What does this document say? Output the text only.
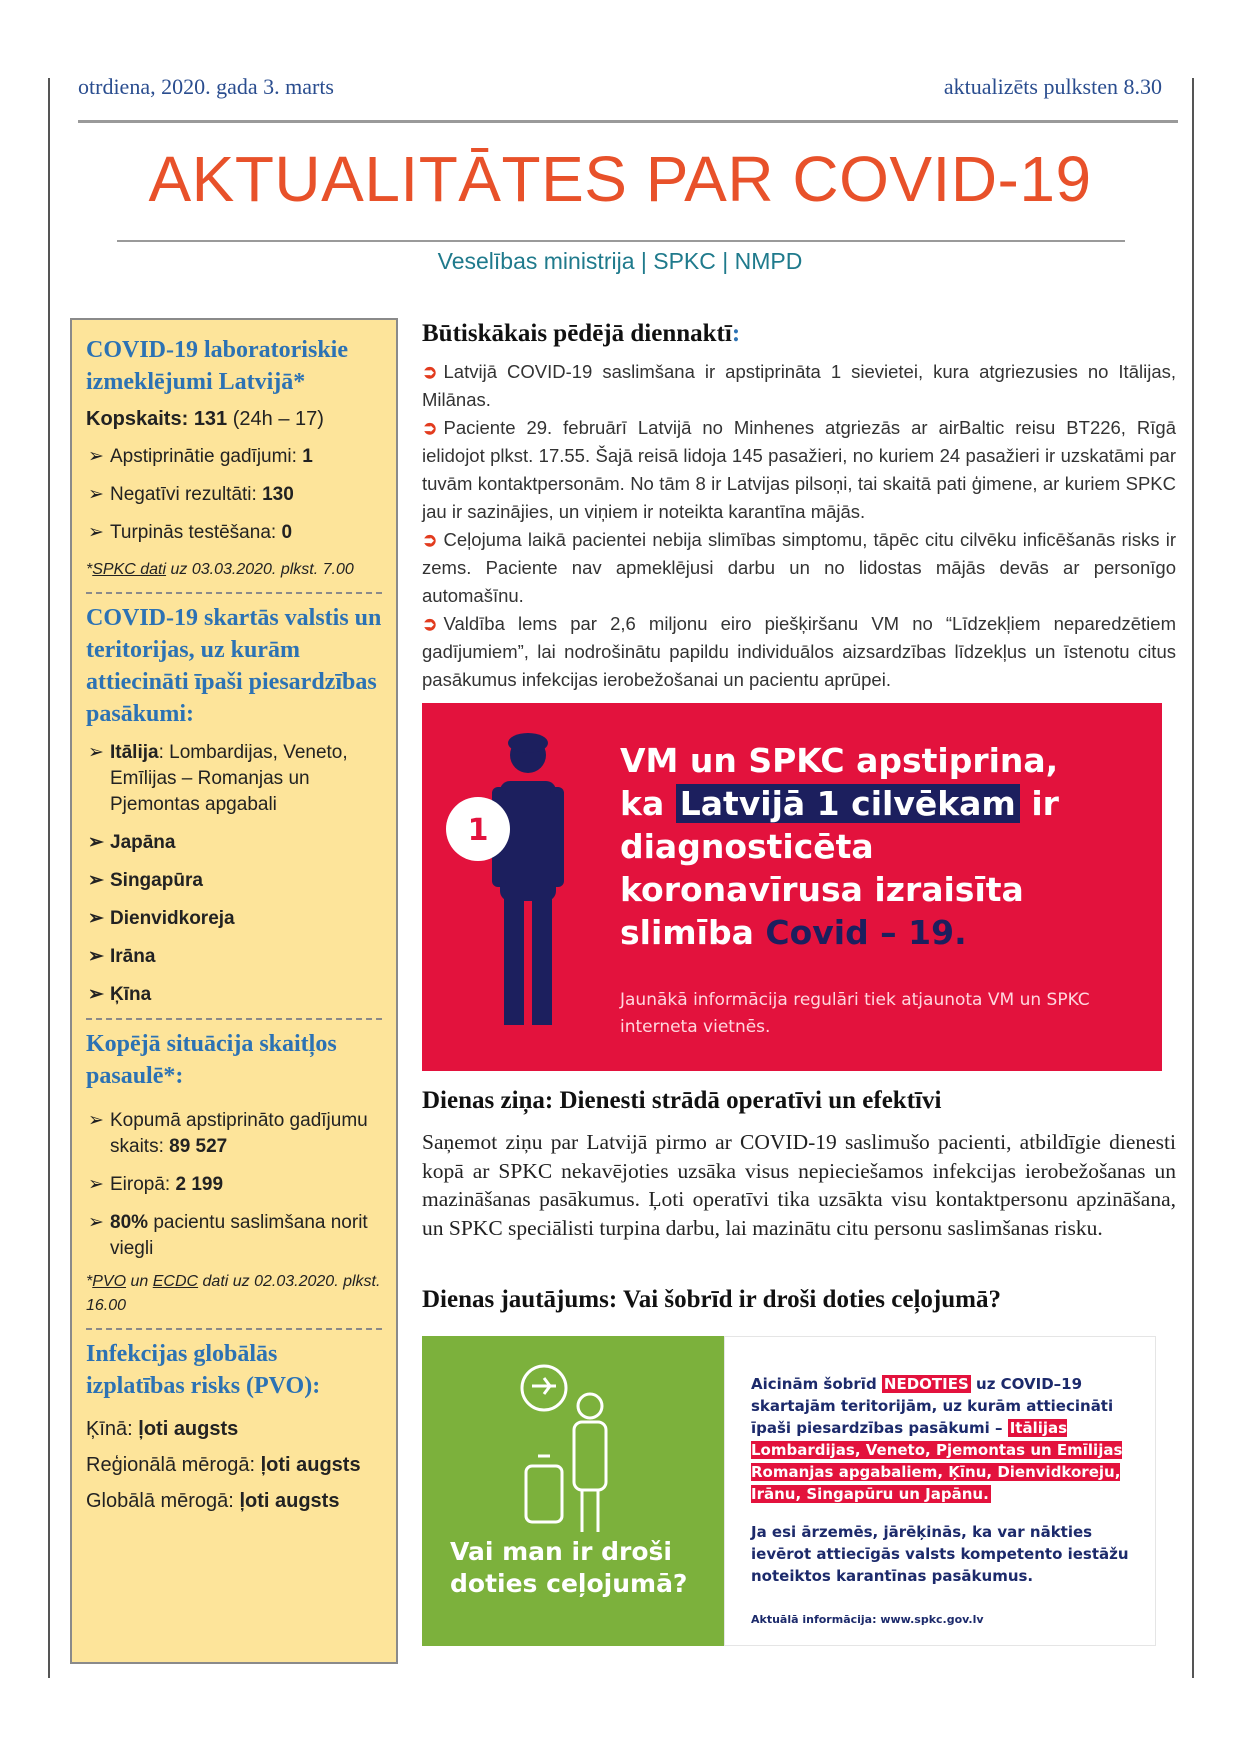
otrdiena, 2020. gada 3. marts	aktualizēts pulksten 8.30
AKTUALITĀTES PAR COVID-19
Veselības ministrija | SPKC | NMPD
COVID-19 laboratoriskie izmeklējumi Latvijā*
Kopskaits: 131 (24h – 17)
➢ Apstiprinātie gadījumi: 1
➢ Negatīvi rezultāti: 130
➢ Turpinās testēšana: 0
*SPKC dati uz 03.03.2020. plkst. 7.00
COVID-19 skartās valstis un teritorijas, uz kurām attiecināti īpaši piesardzības pasākumi:
➢ Itālija: Lombardijas, Veneto, Emīlijas – Romanjas un Pjemontas apgabali
➢ Japāna
➢ Singapūra
➢ Dienvidkoreja
➢ Irāna
➢ Ķīna
Kopējā situācija skaitļos pasaulē*:
➢ Kopumā apstiprināto gadījumu skaits: 89 527
➢ Eiropā: 2 199
➢ 80% pacientu saslimšana norit viegli
*PVO un ECDC dati uz 02.03.2020. plkst. 16.00
Infekcijas globālās izplatības risks (PVO):
Ķīnā: ļoti augsts
Reģionālā mērogā: ļoti augsts
Globālā mērogā: ļoti augsts
Būtiskākais pēdējā diennaktī:
➲ Latvijā COVID-19 saslimšana ir apstiprināta 1 sievietei, kura atgriezusies no Itālijas, Milānas.
➲ Paciente 29. februārī Latvijā no Minhenes atgriezās ar airBaltic reisu BT226, Rīgā ielidojot plkst. 17.55. Šajā reisā lidoja 145 pasažieri, no kuriem 24 pasažieri ir uzskatāmi par tuvām kontaktpersonām. No tām 8 ir Latvijas pilsoņi, tai skaitā pati ģimene, ar kuriem SPKC jau ir sazinājies, un viņiem ir noteikta karantīna mājās.
➲ Ceļojuma laikā pacientei nebija slimības simptomu, tāpēc citu cilvēku inficēšanās risks ir zems. Paciente nav apmeklējusi darbu un no lidostas mājās devās ar personīgo automašīnu.
➲ Valdība lems par 2,6 miljonu eiro piešķiršanu VM no “Līdzekļiem neparedzētiem gadījumiem”, lai nodrošinātu papildu individuālos aizsardzības līdzekļus un īstenotu citus pasākumus infekcijas ierobežošanai un pacientu aprūpei.
1
VM un SPKC apstiprina,
ka Latvijā 1 cilvēkam ir
diagnosticēta
koronavīrusa izraisīta
slimība Covid – 19.
Jaunākā informācija regulāri tiek atjaunota VM un SPKC interneta vietnēs.
Dienas ziņa: Dienesti strādā operatīvi un efektīvi
Saņemot ziņu par Latvijā pirmo ar COVID-19 saslimušo pacienti, atbildīgie dienesti kopā ar SPKC nekavējoties uzsāka visus nepieciešamos infekcijas ierobežošanas un mazināšanas pasākumus. Ļoti operatīvi tika uzsākta visu kontaktpersonu apzināšana, un SPKC speciālisti turpina darbu, lai mazinātu citu personu saslimšanas risku.
Dienas jautājums: Vai šobrīd ir droši doties ceļojumā?
Vai man ir droši doties ceļojumā?
Aicinām šobrīd NEDOTIES uz COVID–19 skartajām teritorijām, uz kurām attiecināti īpaši piesardzības pasākumi – Itālijas Lombardijas, Veneto, Pjemontas un Emīlijas Romanjas apgabaliem, Ķīnu, Dienvidkoreju, Irānu, Singapūru un Japānu.
Ja esi ārzemēs, jārēķinās, ka var nākties ievērot attiecīgās valsts kompetento iestāžu noteiktos karantīnas pasākumus.
Aktuālā informācija: www.spkc.gov.lv
